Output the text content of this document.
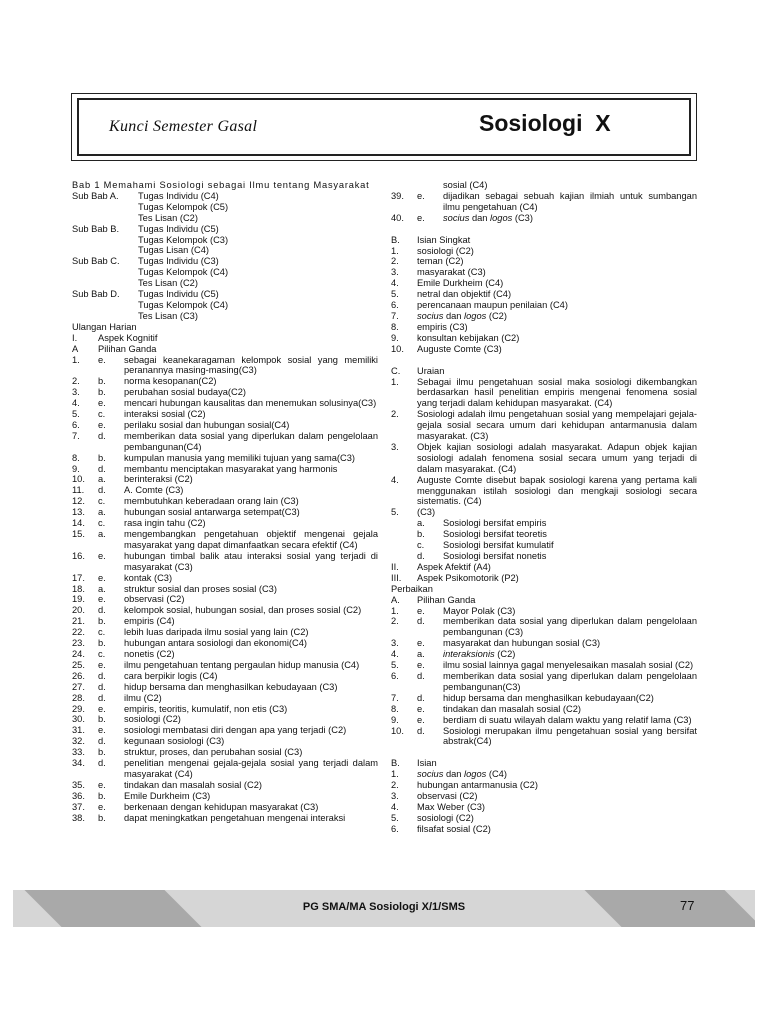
Kunci Semester Gasal	Sosiologi  X
Bab 1 Memahami Sosiologi sebagai Ilmu tentang Masyarakat
Sub Bab A.	Tugas Individu (C4)
Tugas Kelompok (C5)
Tes Lisan (C2)
Sub Bab B.	Tugas Individu (C5)
Tugas Kelompok (C3)
Tugas Lisan (C4)
Sub Bab C.	Tugas Individu (C3)
Tugas Kelompok (C4)
Tes Lisan (C2)
Sub Bab D.	Tugas Individu (C5)
Tugas Kelompok (C4)
Tes Lisan (C3)
Ulangan Harian
I.	Aspek Kognitif
A	Pilihan Ganda
1.	e.	sebagai keanekaragaman kelompok sosial yang memiliki peranannya masing-masing(C3)
2.	b.	norma kesopanan(C2)
3.	b.	perubahan sosial budaya(C2)
4.	e.	mencari hubungan kausalitas dan menemukan solusinya(C3)
5.	c.	interaksi sosial (C2)
6.	e.	perilaku sosial dan hubungan sosial(C4)
7.	d.	memberikan data sosial yang diperlukan dalam pengelolaan pembangunan(C4)
8.	b.	kumpulan manusia yang memiliki tujuan yang sama(C3)
9.	d.	membantu menciptakan masyarakat yang harmonis
10.	a.	berinteraksi (C2)
11.	d.	A. Comte (C3)
12.	c.	membutuhkan keberadaan orang lain (C3)
13.	a.	hubungan sosial antarwarga setempat(C3)
14.	c.	rasa ingin tahu (C2)
15.	a.	mengembangkan pengetahuan objektif mengenai gejala masyarakat yang dapat dimanfaatkan secara efektif (C4)
16.	e.	hubungan timbal balik atau interaksi sosial yang terjadi di masyarakat (C3)
17.	e.	kontak (C3)
18.	a.	struktur sosial dan proses sosial (C3)
19.	e.	observasi (C2)
20.	d.	kelompok sosial, hubungan sosial, dan proses sosial (C2)
21.	b.	empiris (C4)
22.	c.	lebih luas daripada ilmu sosial yang lain (C2)
23.	b.	hubungan antara sosiologi dan ekonomi(C4)
24.	c.	nonetis (C2)
25.	e.	ilmu pengetahuan tentang pergaulan hidup manusia (C4)
26.	d.	cara berpikir logis (C4)
27.	d.	hidup bersama dan menghasilkan kebudayaan (C3)
28.	d.	ilmu (C2)
29.	e.	empiris, teoritis, kumulatif, non etis (C3)
30.	b.	sosiologi (C2)
31.	e.	sosiologi membatasi diri dengan apa yang terjadi (C2)
32.	d.	kegunaan sosiologi (C3)
33.	b.	struktur, proses, dan perubahan sosial (C3)
34.	d.	penelitian mengenai gejala-gejala sosial yang terjadi dalam masyarakat (C4)
35.	e.	tindakan dan masalah sosial (C2)
36.	b.	Emile Durkheim (C3)
37.	e.	berkenaan dengan kehidupan masyarakat (C3)
38.	b.	dapat meningkatkan pengetahuan mengenai interaksi
sosial (C4)
39.	e.	dijadikan sebagai sebuah kajian ilmiah untuk sumbangan ilmu pengetahuan (C4)
40.	e.	socius dan logos (C3)
B.	Isian Singkat
1.	sosiologi (C2)
2.	teman (C2)
3.	masyarakat (C3)
4.	Emile Durkheim (C4)
5.	netral dan objektif (C4)
6.	perencanaan maupun penilaian (C4)
7.	socius dan logos (C2)
8.	empiris (C3)
9.	konsultan kebijakan (C2)
10.	Auguste Comte (C3)
C.	Uraian
1.	Sebagai ilmu pengetahuan sosial maka sosiologi dikembangkan berdasarkan hasil penelitian empiris mengenai fenomena sosial yang terjadi dalam kehidupan masyarakat. (C4)
2.	Sosiologi adalah ilmu pengetahuan sosial yang mempelajari gejala-gejala sosial secara umum dari kehidupan antarmanusia dalam masyarakat. (C3)
3.	Objek kajian sosiologi adalah masyarakat. Adapun objek kajian sosiologi adalah fenomena sosial secara umum yang terjadi di dalam masyarakat. (C4)
4.	Auguste Comte disebut bapak sosiologi karena yang pertama kali menggunakan istilah sosiologi dan mengkaji sosiologi secara sistematis. (C4)
5.	(C3)
a.	Sosiologi bersifat empiris
b.	Sosiologi bersifat teoretis
c.	Sosiologi bersifat kumulatif
d.	Sosiologi bersifat nonetis
II.	Aspek Afektif (A4)
III.	Aspek Psikomotorik (P2)
Perbaikan
A.	Pilihan Ganda
1.	e.	Mayor Polak (C3)
2.	d.	memberikan data sosial yang diperlukan dalam pengelolaan pembangunan (C3)
3.	e.	masyarakat dan hubungan sosial (C3)
4.	a.	interaksionis (C2)
5.	e.	ilmu sosial lainnya gagal menyelesaikan masalah sosial (C2)
6.	d.	memberikan data sosial yang diperlukan dalam pengelolaan pembangunan(C3)
7.	d.	hidup bersama dan menghasilkan kebudayaan(C2)
8.	e.	tindakan dan masalah sosial (C2)
9.	e.	berdiam di suatu wilayah dalam waktu yang relatif lama (C3)
10.	d.	Sosiologi merupakan ilmu pengetahuan sosial yang bersifat abstrak(C4)
B.	Isian
1.	socius dan logos (C4)
2.	hubungan antarmanusia (C2)
3.	observasi (C2)
4.	Max Weber (C3)
5.	sosiologi (C2)
6.	filsafat sosial (C2)
PG SMA/MA Sosiologi X/1/SMS	77
